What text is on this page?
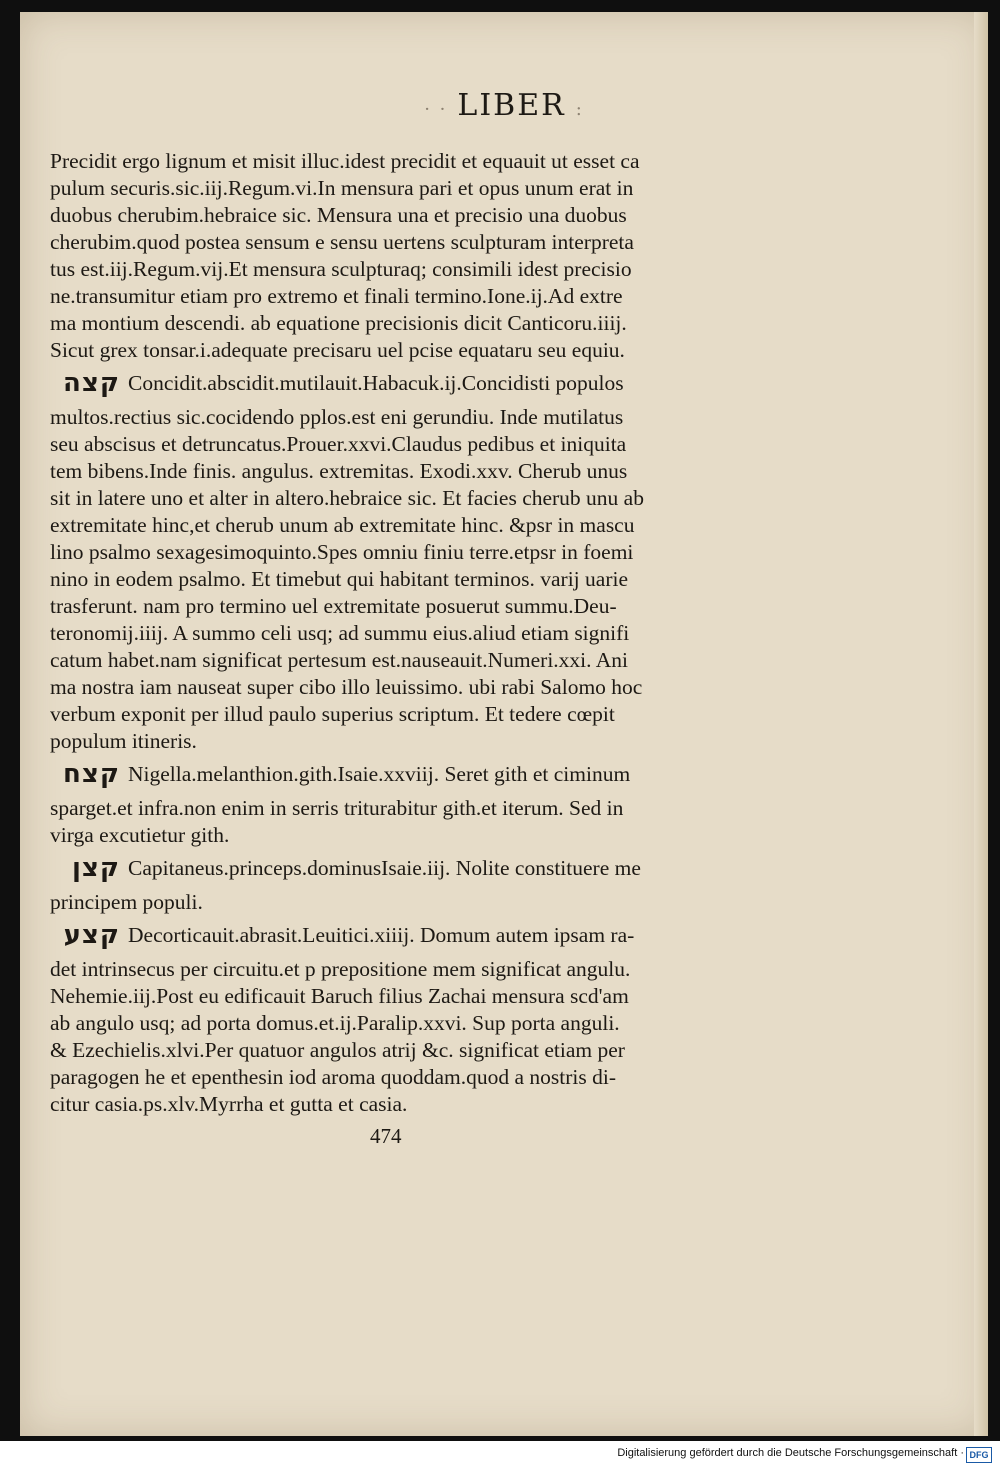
· · LIBER :
Precidit ergo lignum et misit illuc.idest precidit et equauit ut esset ca
pulum securis.sic.iij.Regum.vi.In mensura pari et opus unum erat in
duobus cherubim.hebraice sic. Mensura una et precisio una duobus
cherubim.quod postea sensum e sensu uertens sculpturam interpreta
tus est.iij.Regum.vij.Et mensura sculpturaq; consimili idest precisio
ne.transumitur etiam pro extremo et finali termino.Ione.ij.Ad extre
ma montium descendi. ab equatione precisionis dicit Canticoru.iiij.
Sicut grex tonsar.i.adequate precisaru uel pcise equataru seu equiu.
קצה Concidit.abscidit.mutilauit.Habacuk.ij.Concidisti populos
multos.rectius sic.cocidendo pplos.est eni gerundiu. Inde mutilatus
seu abscisus et detruncatus.Prouer.xxvi.Claudus pedibus et iniquita
tem bibens.Inde finis. angulus. extremitas. Exodi.xxv. Cherub unus
sit in latere uno et alter in altero.hebraice sic. Et facies cherub unu ab
extremitate hinc,et cherub unum ab extremitate hinc. &psr in mascu
lino psalmo sexagesimoquinto.Spes omniu finiu terre.etpsr in foemi
nino in eodem psalmo. Et timebut qui habitant terminos. varij uarie
trasferunt. nam pro termino uel extremitate posuerut summu.Deu-
teronomij.iiij. A summo celi usq; ad summu eius.aliud etiam signifi
catum habet.nam significat pertesum est.nauseauit.Numeri.xxi. Ani
ma nostra iam nauseat super cibo illo leuissimo. ubi rabi Salomo hoc
verbum exponit per illud paulo superius scriptum. Et tedere cœpit
populum itineris.
קצח Nigella.melanthion.gith.Isaie.xxviij. Seret gith et ciminum
sparget.et infra.non enim in serris triturabitur gith.et iterum. Sed in
virga excutietur gith.
קצן Capitaneus.princeps.dominusIsaie.iij. Nolite constituere me
principem populi.
קצע Decorticauit.abrasit.Leuitici.xiiij. Domum autem ipsam ra-
det intrinsecus per circuitu.et p prepositione mem significat angulu.
Nehemie.iij.Post eu edificauit Baruch filius Zachai mensura scd'am
ab angulo usq; ad porta domus.et.ij.Paralip.xxvi. Sup porta anguli.
& Ezechielis.xlvi.Per quatuor angulos atrij &c. significat etiam per
paragogen he et epenthesin iod aroma quoddam.quod a nostris di-
citur casia.ps.xlv.Myrrha et gutta et casia.
474
Digitalisierung gefördert durch die Deutsche Forschungsgemeinschaft · DFG
